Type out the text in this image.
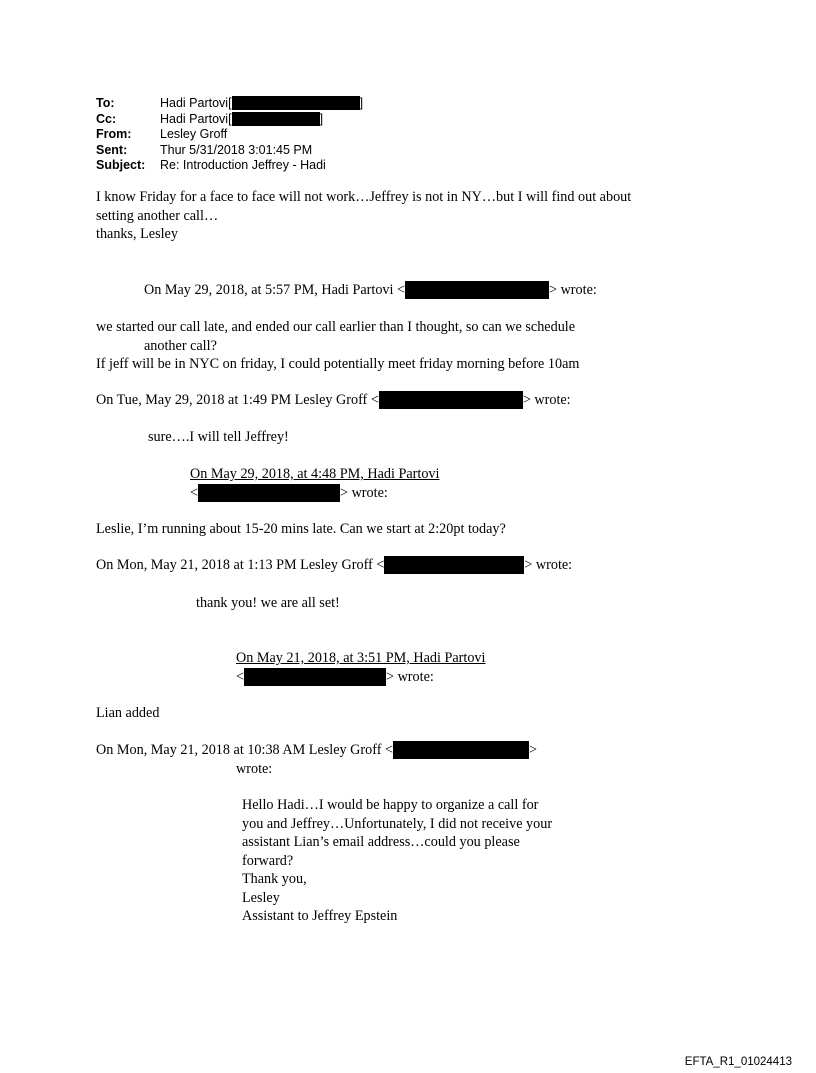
To:	Hadi Partovi[	]
Cc:	Hadi Partovi[	]
From:	Lesley Groff
Sent:	Thur 5/31/2018 3:01:45 PM
Subject:	Re: Introduction Jeffrey - Hadi
I know Friday for a face to face will not work…Jeffrey is not in NY…but I will find out about
setting another call…
thanks, Lesley
On May 29, 2018, at 5:57 PM, Hadi Partovi <	> wrote:
we started our call late, and ended our call earlier than I thought, so can we schedule
another call?
If jeff will be in NYC on friday, I could potentially meet friday morning before 10am
On Tue, May 29, 2018 at 1:49 PM Lesley Groff <	> wrote:
sure….I will tell Jeffrey!
On May 29, 2018, at 4:48 PM, Hadi Partovi
<	> wrote:
Leslie, I’m running about 15-20 mins late. Can we start at 2:20pt today?
On Mon, May 21, 2018 at 1:13 PM Lesley Groff <	> wrote:
thank you! we are all set!
On May 21, 2018, at 3:51 PM, Hadi Partovi
<	> wrote:
Lian added
On Mon, May 21, 2018 at 10:38 AM Lesley Groff <	>
wrote:
Hello Hadi…I would be happy to organize a call for
you and Jeffrey…Unfortunately, I did not receive your
assistant Lian’s email address…could you please
forward?
Thank you,
Lesley
Assistant to Jeffrey Epstein
EFTA_R1_01024413
